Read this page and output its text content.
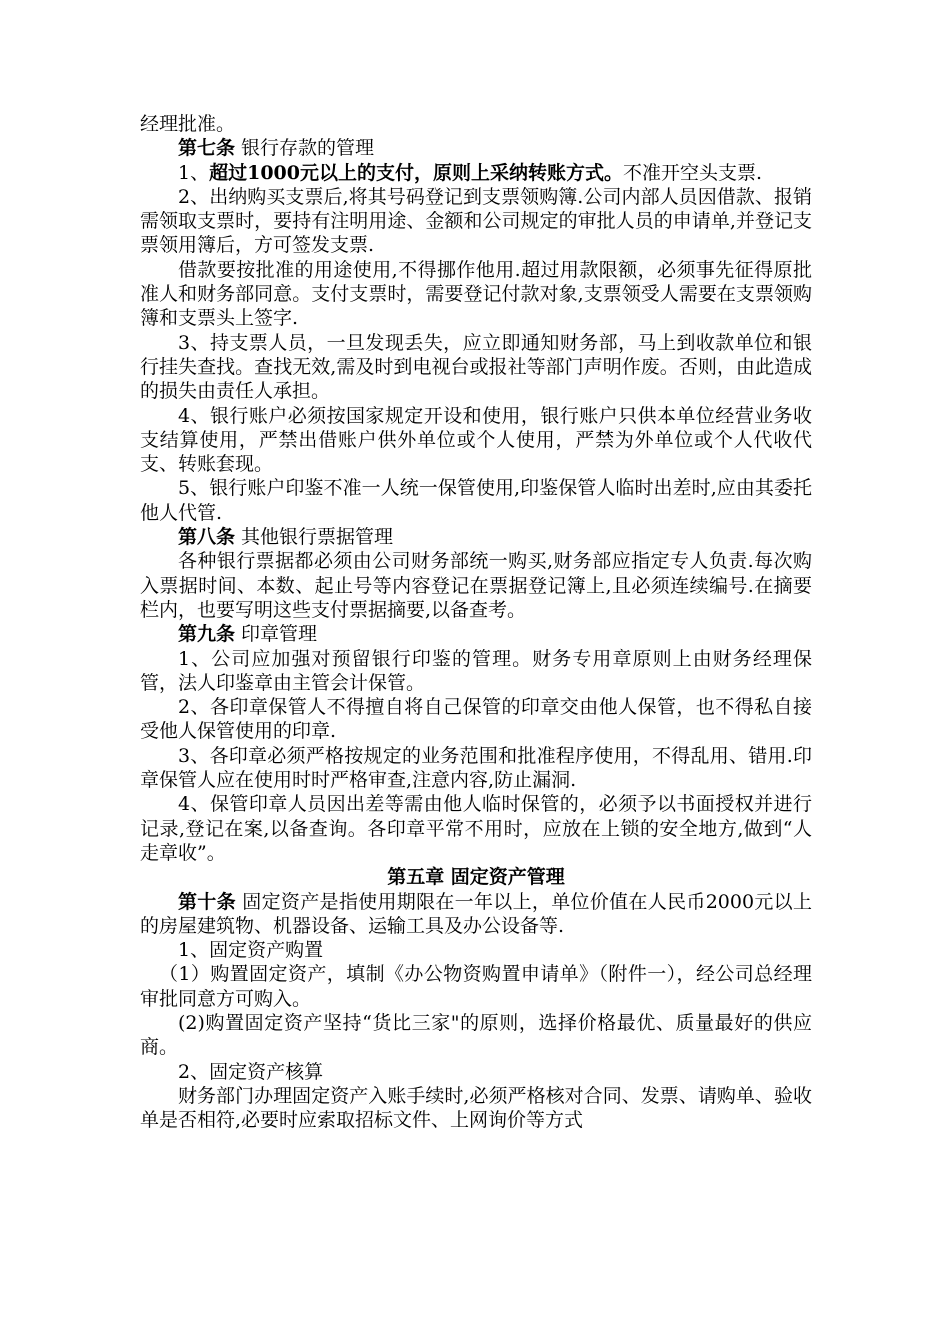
经理批准。

第七条 银行存款的管理

1、超过1000元以上的支付，原则上采纳转账方式。不准开空头支票.

2、出纳购买支票后,将其号码登记到支票领购簿.公司内部人员因借款、报销需领取支票时，要持有注明用途、金额和公司规定的审批人员的申请单,并登记支票领用簿后，方可签发支票.

借款要按批准的用途使用,不得挪作他用.超过用款限额，必须事先征得原批准人和财务部同意。支付支票时，需要登记付款对象,支票领受人需要在支票领购簿和支票头上签字.

3、持支票人员，一旦发现丢失，应立即通知财务部，马上到收款单位和银行挂失查找。查找无效,需及时到电视台或报社等部门声明作废。否则，由此造成的损失由责任人承担。

4、银行账户必须按国家规定开设和使用，银行账户只供本单位经营业务收支结算使用，严禁出借账户供外单位或个人使用，严禁为外单位或个人代收代支、转账套现。

5、银行账户印鉴不准一人统一保管使用,印鉴保管人临时出差时,应由其委托他人代管.

第八条 其他银行票据管理

各种银行票据都必须由公司财务部统一购买,财务部应指定专人负责.每次购入票据时间、本数、起止号等内容登记在票据登记簿上,且必须连续编号.在摘要栏内，也要写明这些支付票据摘要,以备查考。

第九条 印章管理

1、公司应加强对预留银行印鉴的管理。财务专用章原则上由财务经理保管，法人印鉴章由主管会计保管。

2、各印章保管人不得擅自将自己保管的印章交由他人保管，也不得私自接受他人保管使用的印章.

3、各印章必须严格按规定的业务范围和批准程序使用，不得乱用、错用.印章保管人应在使用时时严格审查,注意内容,防止漏洞.

4、保管印章人员因出差等需由他人临时保管的，必须予以书面授权并进行记录,登记在案,以备查询。各印章平常不用时，应放在上锁的安全地方,做到“人走章收”。

第五章 固定资产管理

第十条 固定资产是指使用期限在一年以上，单位价值在人民币2000元以上的房屋建筑物、机器设备、运输工具及办公设备等.

1、固定资产购置

（1）购置固定资产，填制《办公物资购置申请单》（附件一），经公司总经理审批同意方可购入。

(2)购置固定资产坚持“货比三家"的原则，选择价格最优、质量最好的供应商。

2、固定资产核算

财务部门办理固定资产入账手续时,必须严格核对合同、发票、请购单、验收单是否相符,必要时应索取招标文件、上网询价等方式
